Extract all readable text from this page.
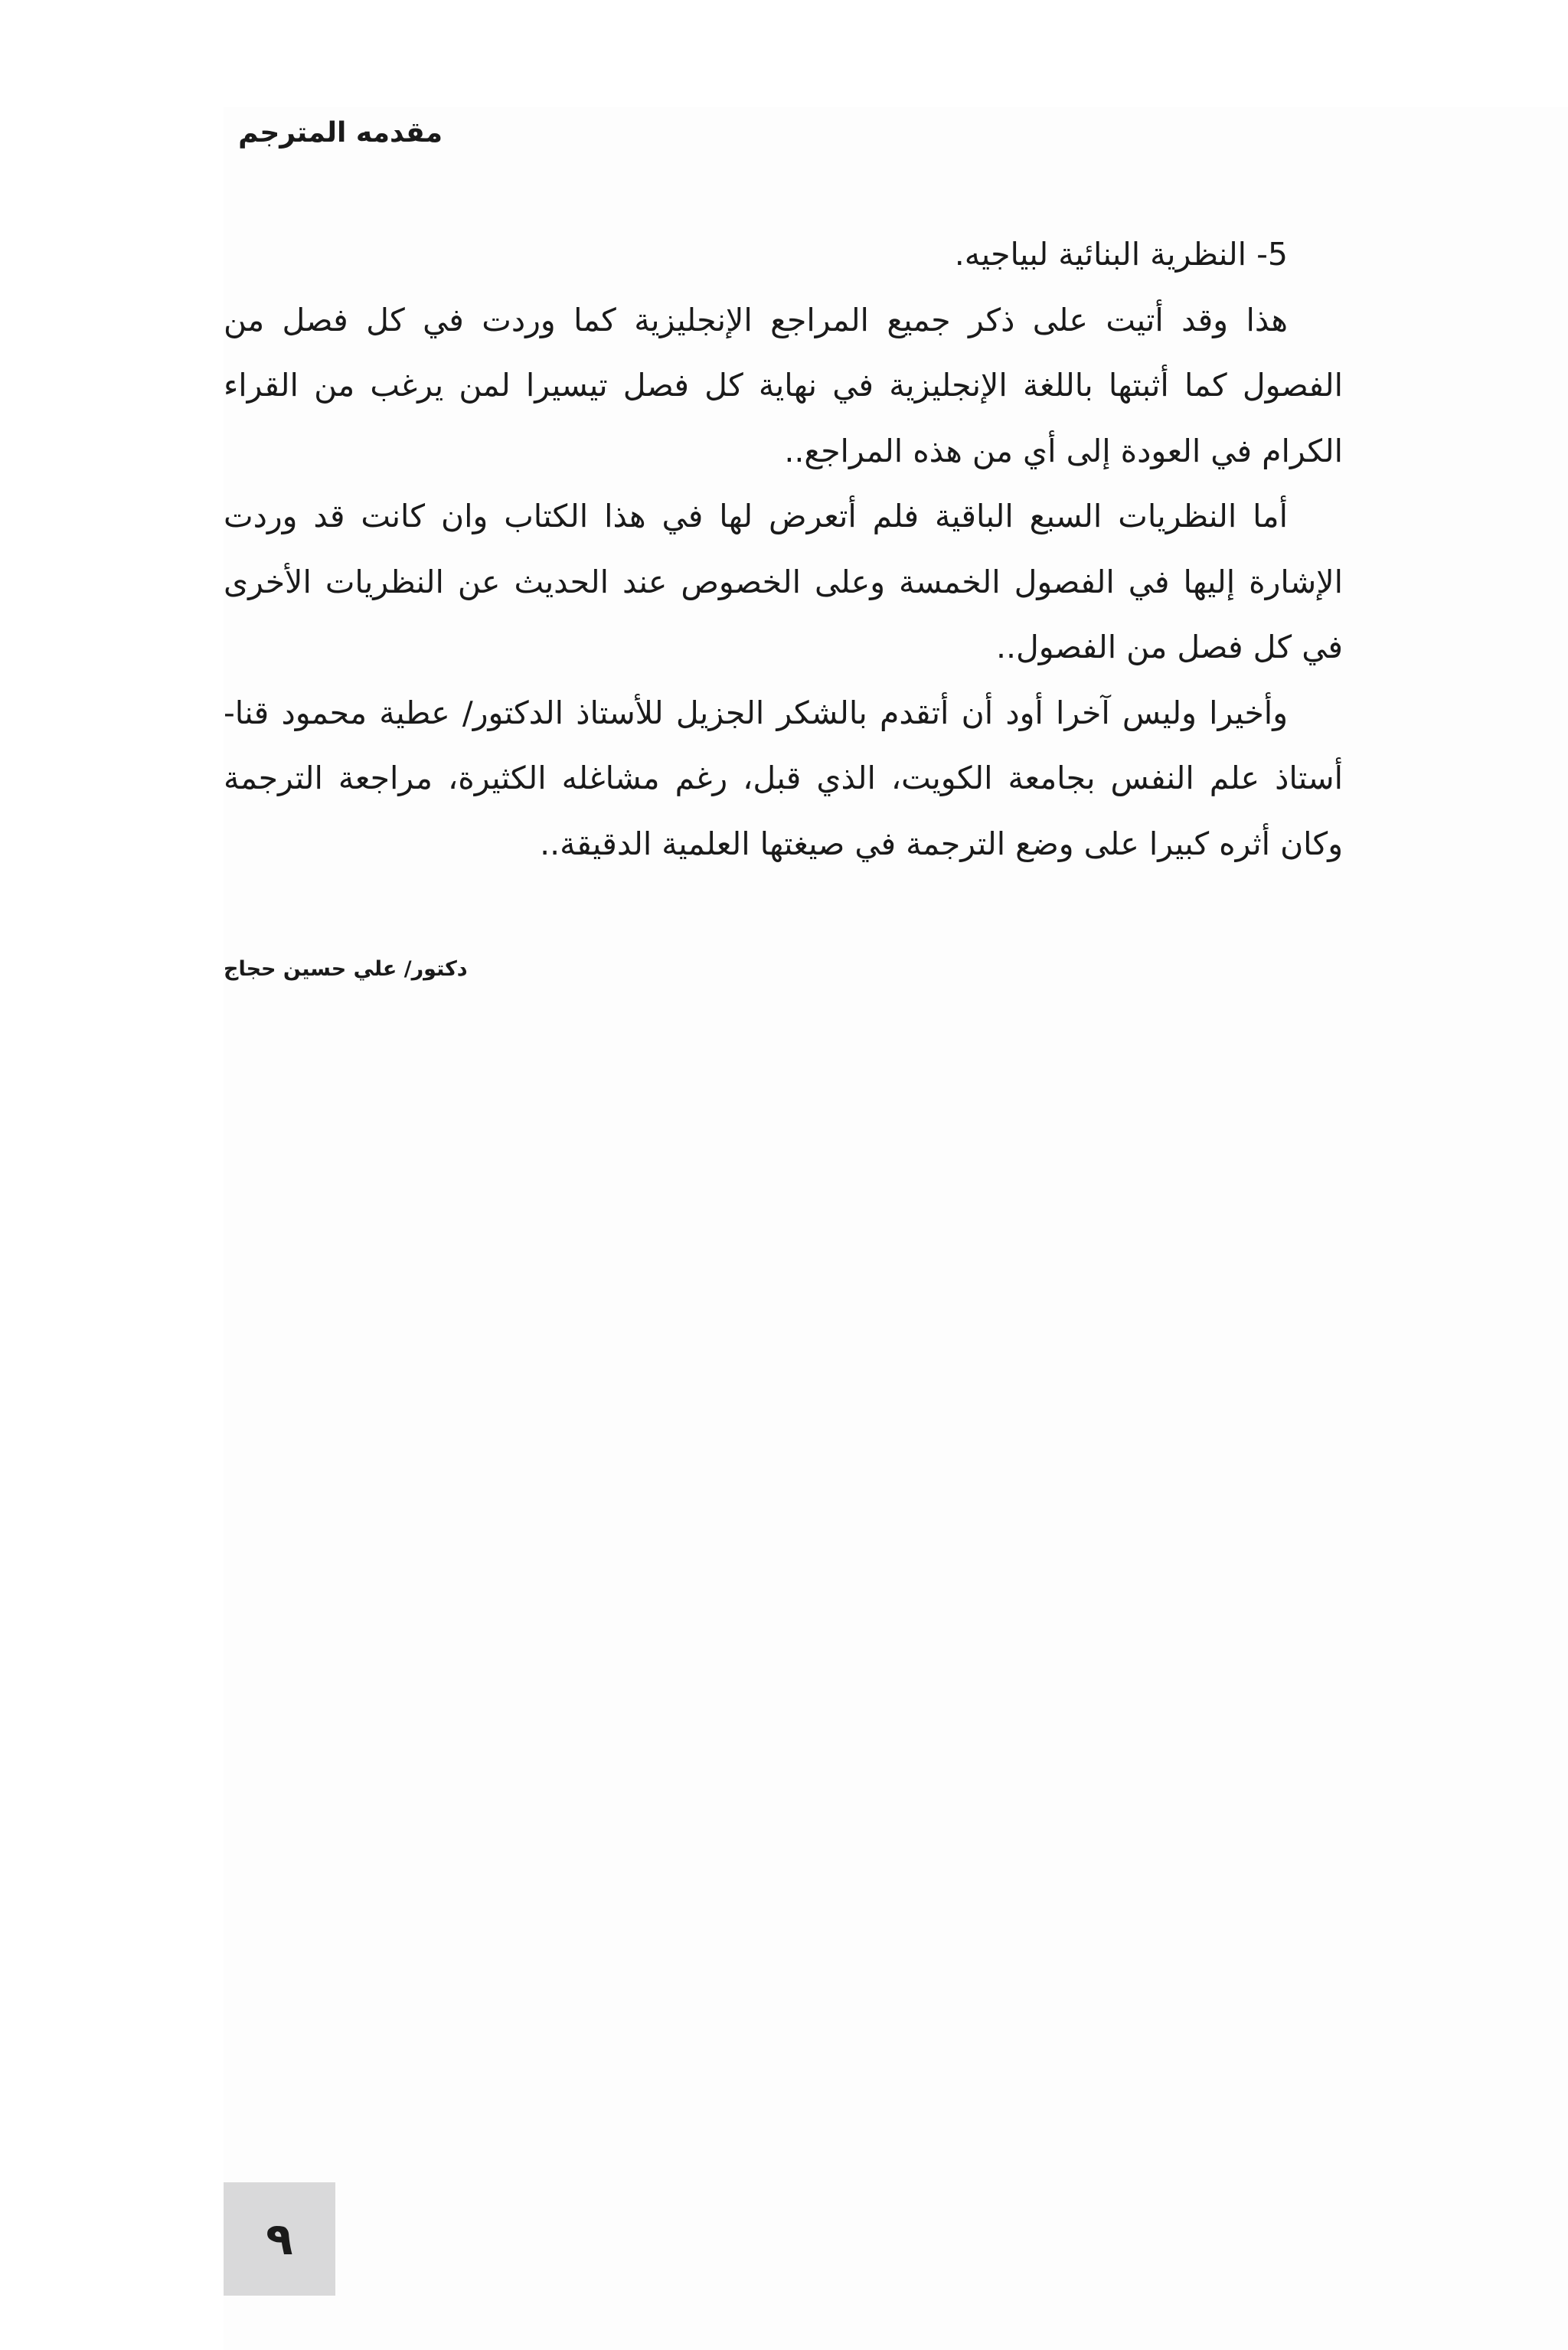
مقدمه المترجم

5- النظرية البنائية لبياجيه.

هذا وقد أتيت على ذكر جميع المراجع الإنجليزية كما وردت في كل فصل من الفصول كما أثبتها باللغة الإنجليزية في نهاية كل فصل تيسيرا لمن يرغب من القراء الكرام في العودة إلى أي من هذه المراجع..

أما النظريات السبع الباقية فلم أتعرض لها في هذا الكتاب وان كانت قد وردت الإشارة إليها في الفصول الخمسة وعلى الخصوص عند الحديث عن النظريات الأخرى في كل فصل من الفصول..

وأخيرا وليس آخرا أود أن أتقدم بالشكر الجزيل للأستاذ الدكتور/ عطية محمود قنا-أستاذ علم النفس بجامعة الكويت، الذي قبل، رغم مشاغله الكثيرة، مراجعة الترجمة وكان أثره كبيرا على وضع الترجمة في صيغتها العلمية الدقيقة..

دكتور/ علي حسين حجاج
٩
